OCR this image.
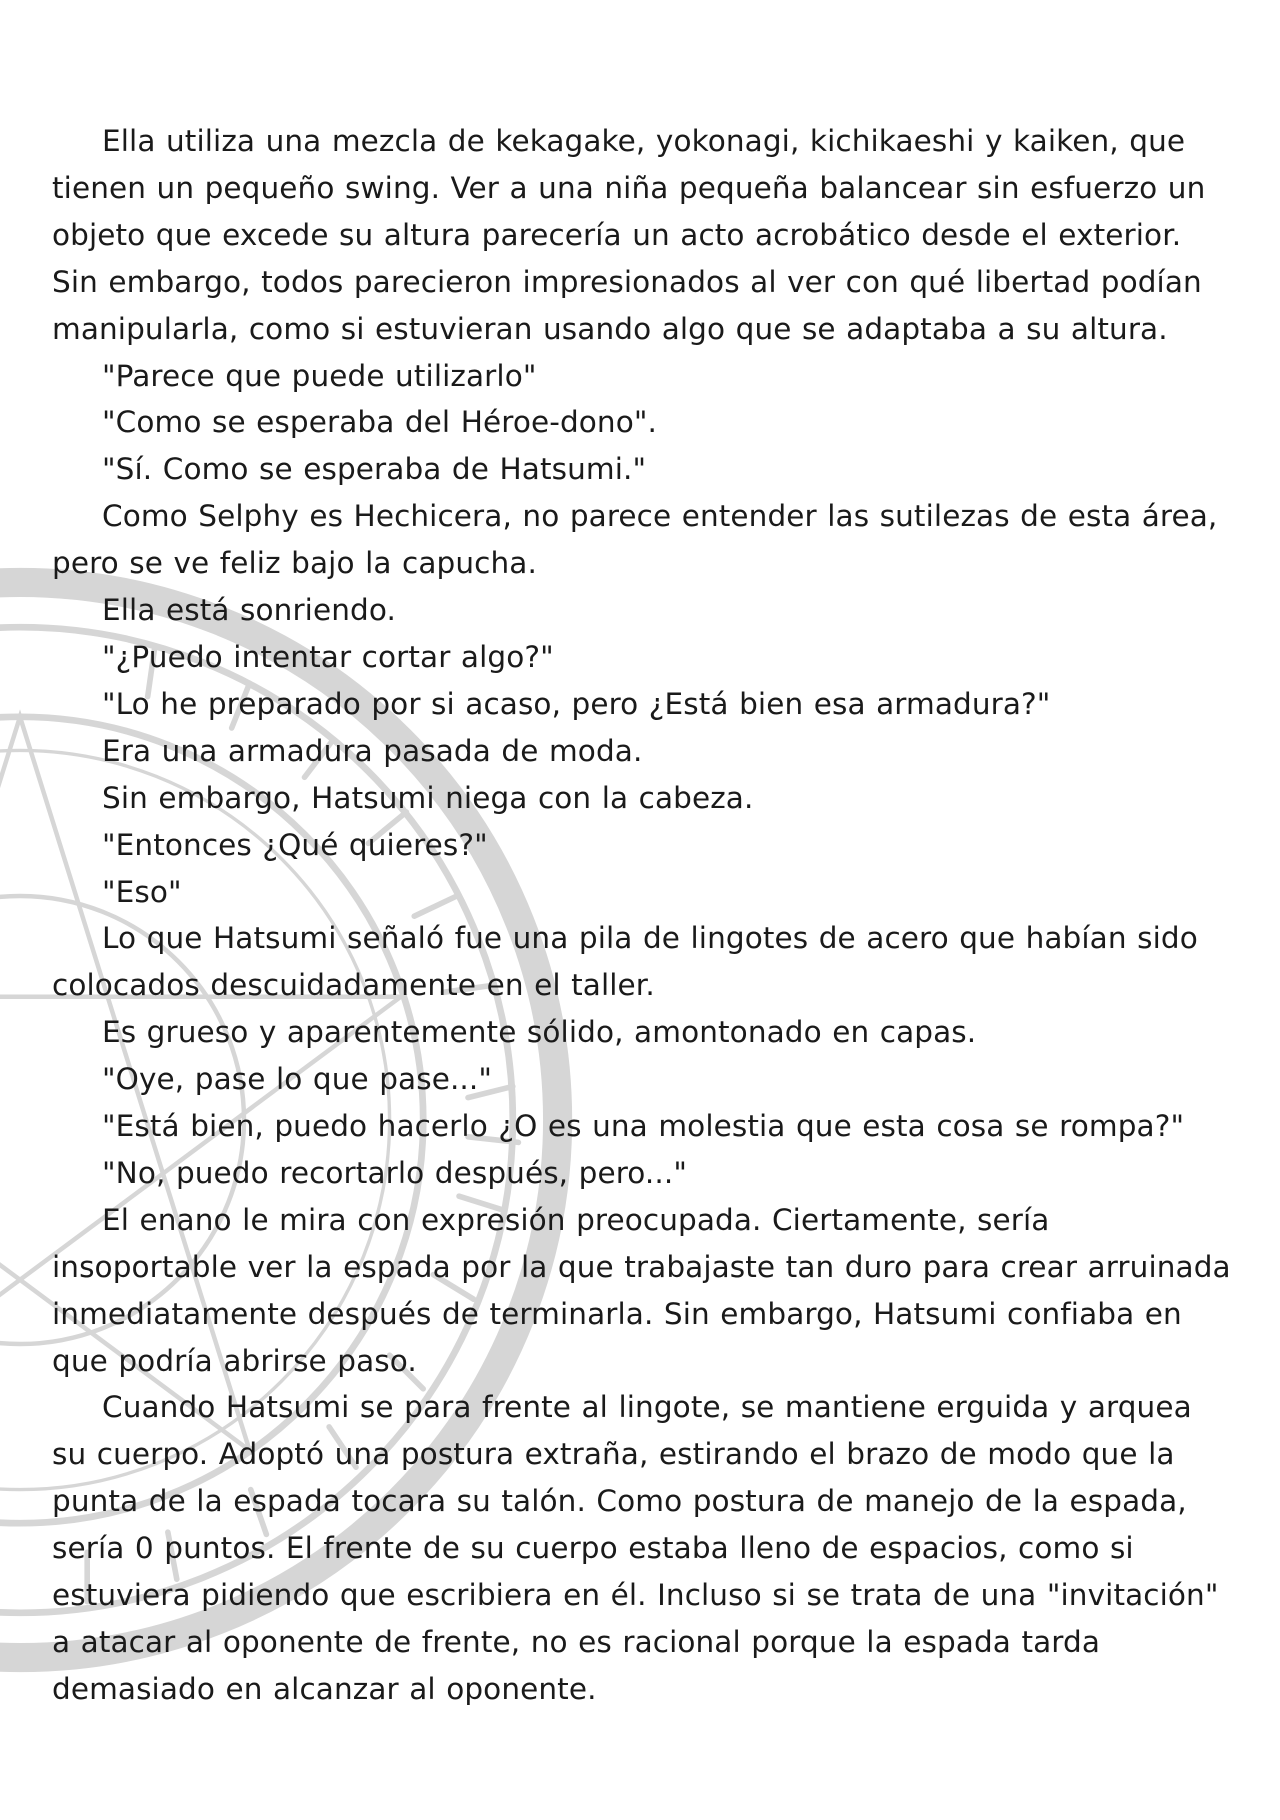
Ella utiliza una mezcla de kekagake, yokonagi, kichikaeshi y kaiken, que tienen un pequeño swing. Ver a una niña pequeña balancear sin esfuerzo un objeto que excede su altura parecería un acto acrobático desde el exterior. Sin embargo, todos parecieron impresionados al ver con qué libertad podían manipularla, como si estuvieran usando algo que se adaptaba a su altura.

"Parece que puede utilizarlo"

"Como se esperaba del Héroe-dono".

"Sí. Como se esperaba de Hatsumi."

Como Selphy es Hechicera, no parece entender las sutilezas de esta área, pero se ve feliz bajo la capucha.

Ella está sonriendo.

"¿Puedo intentar cortar algo?"

"Lo he preparado por si acaso, pero ¿Está bien esa armadura?"

Era una armadura pasada de moda.

Sin embargo, Hatsumi niega con la cabeza.

"Entonces ¿Qué quieres?"

"Eso"

Lo que Hatsumi señaló fue una pila de lingotes de acero que habían sido colocados descuidadamente en el taller.

Es grueso y aparentemente sólido, amontonado en capas.

"Oye, pase lo que pase..."

"Está bien, puedo hacerlo ¿O es una molestia que esta cosa se rompa?"

"No, puedo recortarlo después, pero..."

El enano le mira con expresión preocupada. Ciertamente, sería insoportable ver la espada por la que trabajaste tan duro para crear arruinada inmediatamente después de terminarla. Sin embargo, Hatsumi confiaba en que podría abrirse paso.

Cuando Hatsumi se para frente al lingote, se mantiene erguida y arquea su cuerpo. Adoptó una postura extraña, estirando el brazo de modo que la punta de la espada tocara su talón. Como postura de manejo de la espada, sería 0 puntos. El frente de su cuerpo estaba lleno de espacios, como si estuviera pidiendo que escribiera en él. Incluso si se trata de una "invitación" a atacar al oponente de frente, no es racional porque la espada tarda demasiado en alcanzar al oponente.
